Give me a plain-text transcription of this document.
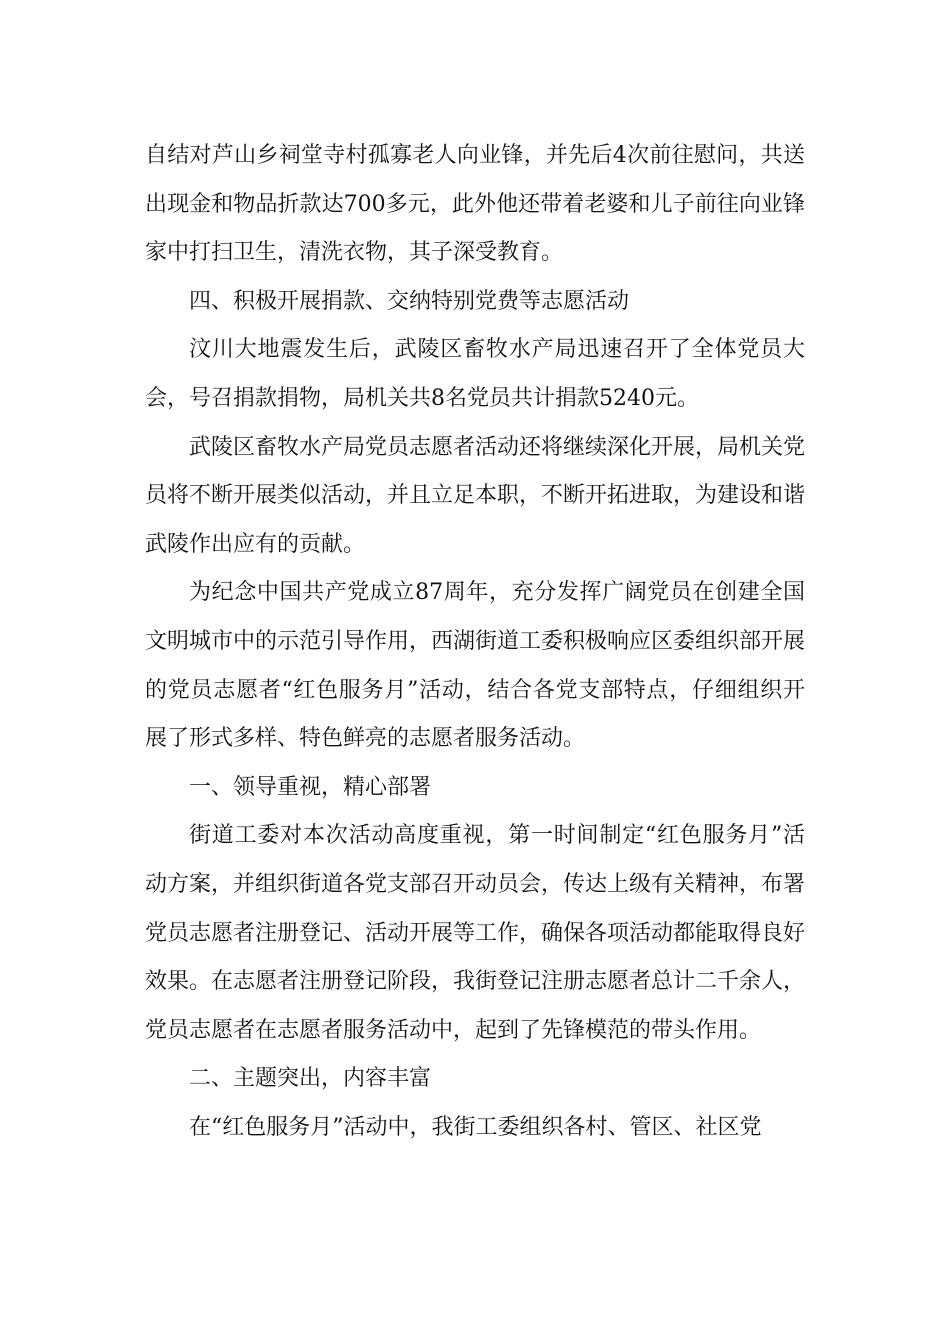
自结对芦山乡祠堂寺村孤寡老人向业锋，并先后4次前往慰问，共送出现金和物品折款达700多元，此外他还带着老婆和儿子前往向业锋家中打扫卫生，清洗衣物，其子深受教育。

四、积极开展捐款、交纳特别党费等志愿活动

汶川大地震发生后，武陵区畜牧水产局迅速召开了全体党员大会，号召捐款捐物，局机关共8名党员共计捐款5240元。

武陵区畜牧水产局党员志愿者活动还将继续深化开展，局机关党员将不断开展类似活动，并且立足本职，不断开拓进取，为建设和谐武陵作出应有的贡献。

为纪念中国共产党成立87周年，充分发挥广阔党员在创建全国文明城市中的示范引导作用，西湖街道工委积极响应区委组织部开展的党员志愿者“红色服务月”活动，结合各党支部特点，仔细组织开展了形式多样、特色鲜亮的志愿者服务活动。

一、领导重视，精心部署

街道工委对本次活动高度重视，第一时间制定“红色服务月”活动方案，并组织街道各党支部召开动员会，传达上级有关精神，布署党员志愿者注册登记、活动开展等工作，确保各项活动都能取得良好效果。在志愿者注册登记阶段，我街登记注册志愿者总计二千余人，党员志愿者在志愿者服务活动中，起到了先锋模范的带头作用。

二、主题突出，内容丰富

在“红色服务月”活动中，我街工委组织各村、管区、社区党
